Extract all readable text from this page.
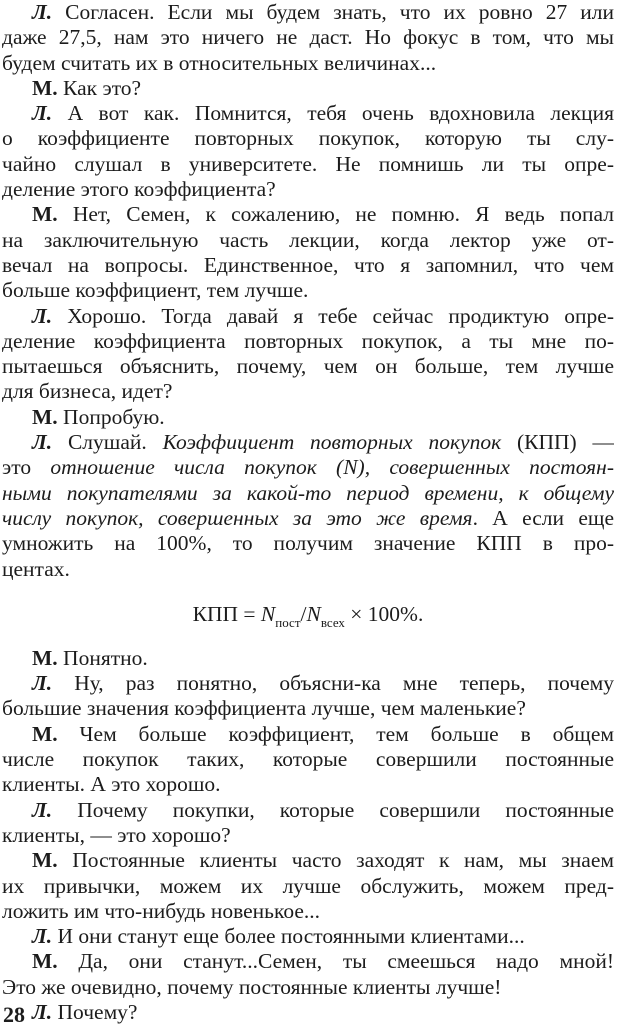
Л. Согласен. Если мы будем знать, что их ровно 27 или
даже 27,5, нам это ничего не даст. Но фокус в том, что мы
будем считать их в относительных величинах...
М. Как это?
Л. А вот как. Помнится, тебя очень вдохновила лекция
о коэффициенте повторных покупок, которую ты слу-
чайно слушал в университете. Не помнишь ли ты опре-
деление этого коэффициента?
М. Нет, Семен, к сожалению, не помню. Я ведь попал
на заключительную часть лекции, когда лектор уже от-
вечал на вопросы. Единственное, что я запомнил, что чем
больше коэффициент, тем лучше.
Л. Хорошо. Тогда давай я тебе сейчас продиктую опре-
деление коэффициента повторных покупок, а ты мне по-
пытаешься объяснить, почему, чем он больше, тем лучше
для бизнеса, идет?
М. Попробую.
Л. Слушай. Коэффициент повторных покупок (КПП) —
это отношение числа покупок (N), совершенных постоян-
ными покупателями за какой-то период времени, к общему
числу покупок, совершенных за это же время. А если еще
умножить на 100%, то получим значение КПП в про-
центах.
КПП = $N_{пост}/N_{всех} \times 100\%$.
М. Понятно.
Л. Ну, раз понятно, объясни-ка мне теперь, почему
большие значения коэффициента лучше, чем маленькие?
М. Чем больше коэффициент, тем больше в общем
числе покупок таких, которые совершили постоянные
клиенты. А это хорошо.
Л. Почему покупки, которые совершили постоянные
клиенты, — это хорошо?
М. Постоянные клиенты часто заходят к нам, мы знаем
их привычки, можем их лучше обслужить, можем пред-
ложить им что-нибудь новенькое...
Л. И они станут еще более постоянными клиентами...
М. Да, они станут...Семен, ты смеешься надо мной!
Это же очевидно, почему постоянные клиенты лучше!
Л. Почему?
28
